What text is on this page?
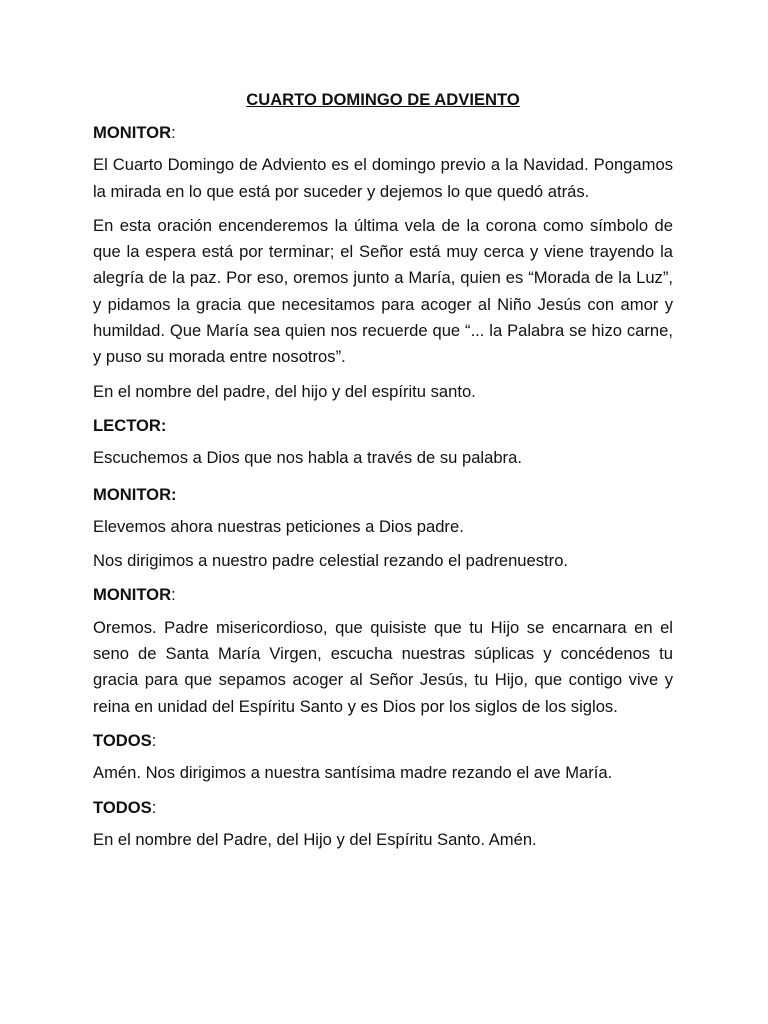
CUARTO DOMINGO DE ADVIENTO
MONITOR:

El Cuarto Domingo de Adviento es el domingo previo a la Navidad. Pongamos la mirada en lo que está por suceder y dejemos lo que quedó atrás.

En esta oración encenderemos la última vela de la corona como símbolo de que la espera está por terminar; el Señor está muy cerca y viene trayendo la alegría de la paz. Por eso, oremos junto a María, quien es “Morada de la Luz”, y pidamos la gracia que necesitamos para acoger al Niño Jesús con amor y humildad. Que María sea quien nos recuerde que “... la Palabra se hizo carne, y puso su morada entre nosotros”.

En el nombre del padre, del hijo y del espíritu santo.

LECTOR:

Escuchemos a Dios que nos habla a través de su palabra.

MONITOR:

Elevemos ahora nuestras peticiones a Dios padre.

Nos dirigimos a nuestro padre celestial rezando el padrenuestro.

MONITOR:

Oremos. Padre misericordioso, que quisiste que tu Hijo se encarnara en el seno de Santa María Virgen, escucha nuestras súplicas y concédenos tu gracia para que sepamos acoger al Señor Jesús, tu Hijo, que contigo vive y reina en unidad del Espíritu Santo y es Dios por los siglos de los siglos.

TODOS:

Amén. Nos dirigimos a nuestra santísima madre rezando el ave María.

TODOS:

En el nombre del Padre, del Hijo y del Espíritu Santo. Amén.
